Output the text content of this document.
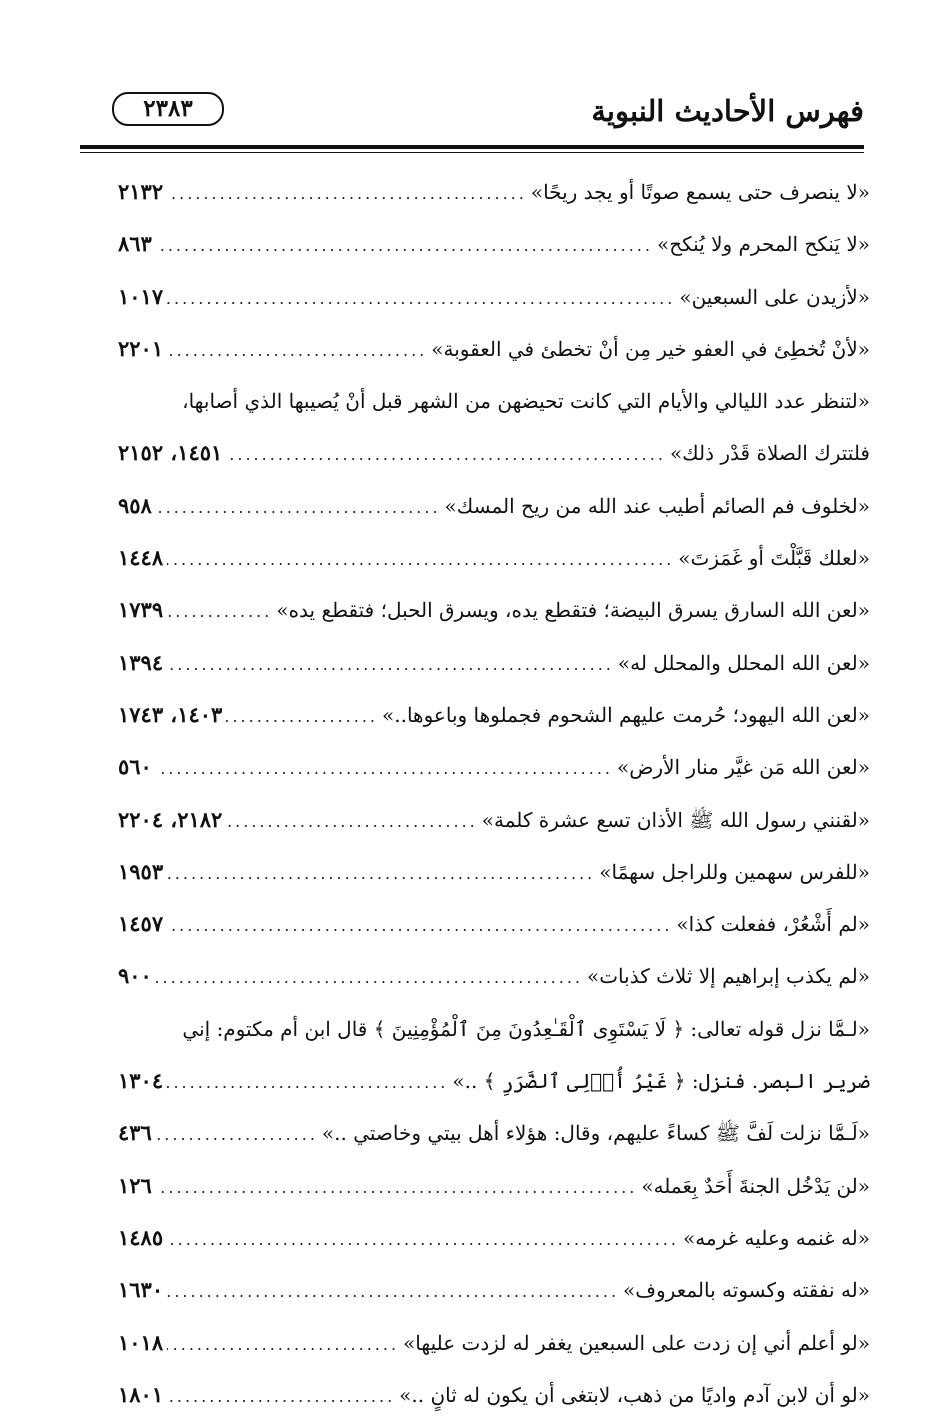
فهرس الأحاديث النبوية
٢٣٨٣
«لا ينصرف حتى يسمع صوتًا أو يجد ريحًا»
.....
٢١٣٢
«لا يَنكح المحرم ولا يُنكح»
.....
٨٦٣
«لأزيدن على السبعين»
.....
١٠١٧
«لأنْ تُخطِئ في العفو خير مِن أنْ تخطئ في العقوبة»
.....
٢٢٠١
«لتنظر عدد الليالي والأيام التي كانت تحيضهن من الشهر قبل أنْ يُصيبها الذي أصابها،
فلتترك الصلاة قَدْر ذلك»
.....
١٤٥١، ٢١٥٢
«لخلوف فم الصائم أطيب عند الله من ريح المسك»
.....
٩٥٨
«لعلك قَبَّلْتَ أو غَمَزتَ»
.....
١٤٤٨
«لعن الله السارق يسرق البيضة؛ فتقطع يده، ويسرق الحبل؛ فتقطع يده»
.....
١٧٣٩
«لعن الله المحلل والمحلل له»
.....
١٣٩٤
«لعن الله اليهود؛ حُرمت عليهم الشحوم فجملوها وباعوها..»
.....
١٤٠٣، ١٧٤٣
«لعن الله مَن غيَّر منار الأرض»
.....
٥٦٠
«لقنني رسول الله ﷺ الأذان تسع عشرة كلمة»
.....
٢١٨٢، ٢٢٠٤
«للفرس سهمين وللراجل سهمًا»
.....
١٩٥٣
«لم أَشْعُرْ، ففعلت كذا»
.....
١٤٥٧
«لم يكذب إبراهيم إلا ثلاث كذبات»
.....
٩٠٠
«لـمَّا نزل قوله تعالى: ﴿ لَا يَسْتَوِى ٱلْقَـٰعِدُونَ مِنَ ٱلْمُؤْمِنِينَ ﴾ قال ابن أم مكتوم: إني
ضرير البصر. فنزل: ﴿ غَيْرُ أُو۟لِى ٱلضَّرَرِ ﴾ ..»
.....
١٣٠٤
«لَـمَّا نزلت لَفَّ ﷺ كساءً عليهم، وقال: هؤلاء أهل بيتي وخاصتي ..»
.....
٤٣٦
«لن يَدْخُل الجنةَ أَحَدٌ بِعَمله»
.....
١٢٦
«له غنمه وعليه غرمه»
.....
١٤٨٥
«له نفقته وكسوته بالمعروف»
.....
١٦٣٠
«لو أعلم أني إن زدت على السبعين يغفر له لزدت عليها»
.....
١٠١٨
«لو أن لابن آدم واديًا من ذهب، لابتغى أن يكون له ثانٍ ..»
.....
١٨٠١
